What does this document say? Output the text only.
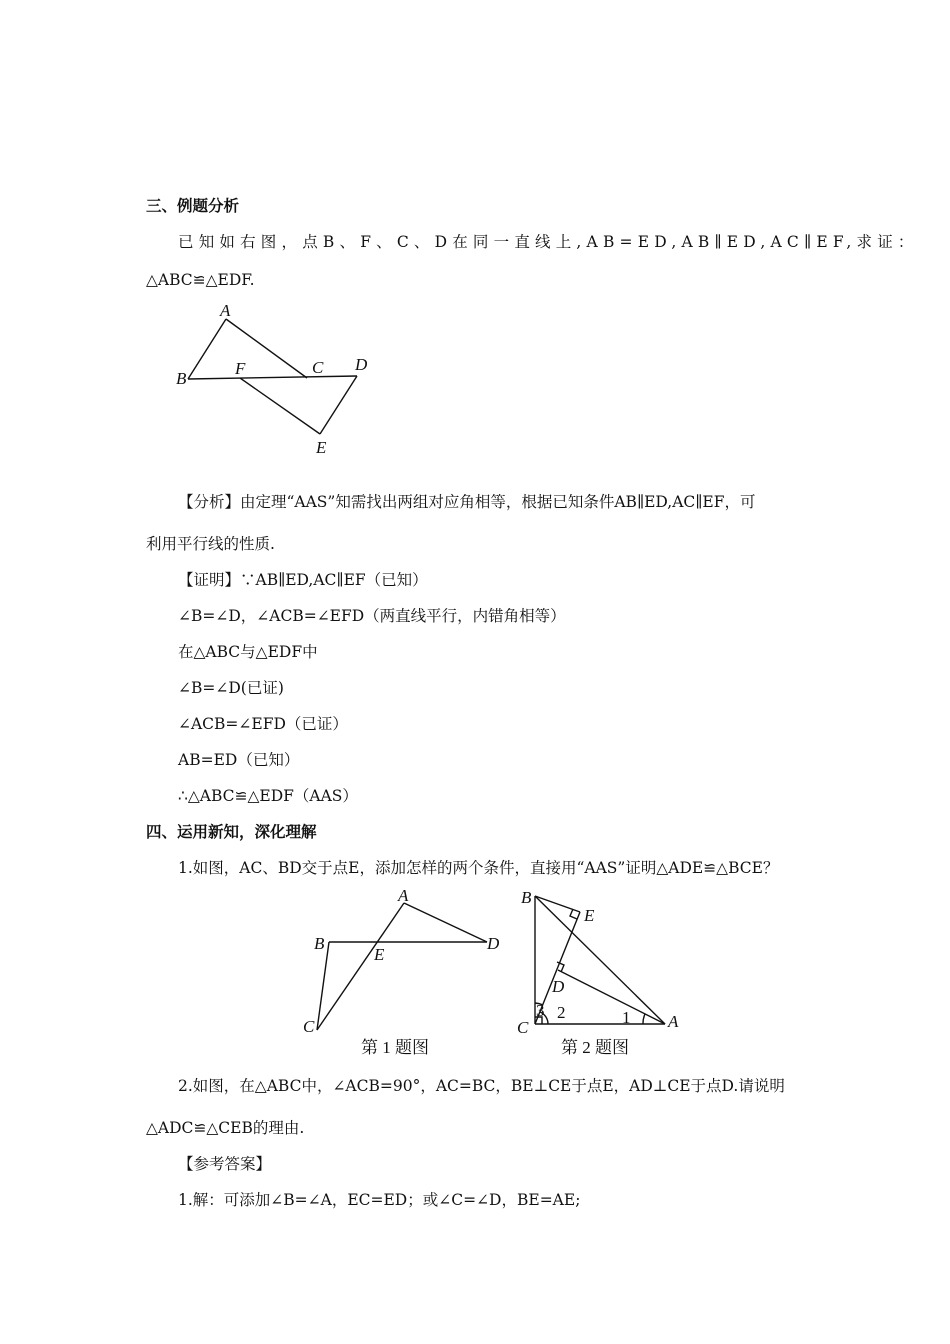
三、例题分析
已知如右图，点B、F、C、D在同一直线上,AB=ED,AB∥ED,AC∥EF,求证：
△ABC≌△EDF.
A
B
F	C D
E
【分析】由定理“AAS”知需找出两组对应角相等，根据已知条件AB∥ED,AC∥EF，可
利用平行线的性质.
【证明】∵AB∥ED,AC∥EF（已知）
∠B=∠D，∠ACB=∠EFD（两直线平行，内错角相等）
在△ABC与△EDF中
∠B=∠D(已证)
∠ACB=∠EFD（已证）
AB=ED（已知）
∴△ABC≌△EDF（AAS）
四、运用新知，深化理解
1.如图，AC、BD交于点E，添加怎样的两个条件，直接用“AAS”证明△ADE≌△BCE？
A
B	D
E
C
第 1 题图
B
E
D
C	A
3 2	1
第 2 题图
2.如图，在△ABC中，∠ACB=90°，AC=BC，BE⊥CE于点E，AD⊥CE于点D.请说明
△ADC≌△CEB的理由.
【参考答案】
1.解：可添加∠B=∠A，EC=ED；或∠C=∠D，BE=AE;
